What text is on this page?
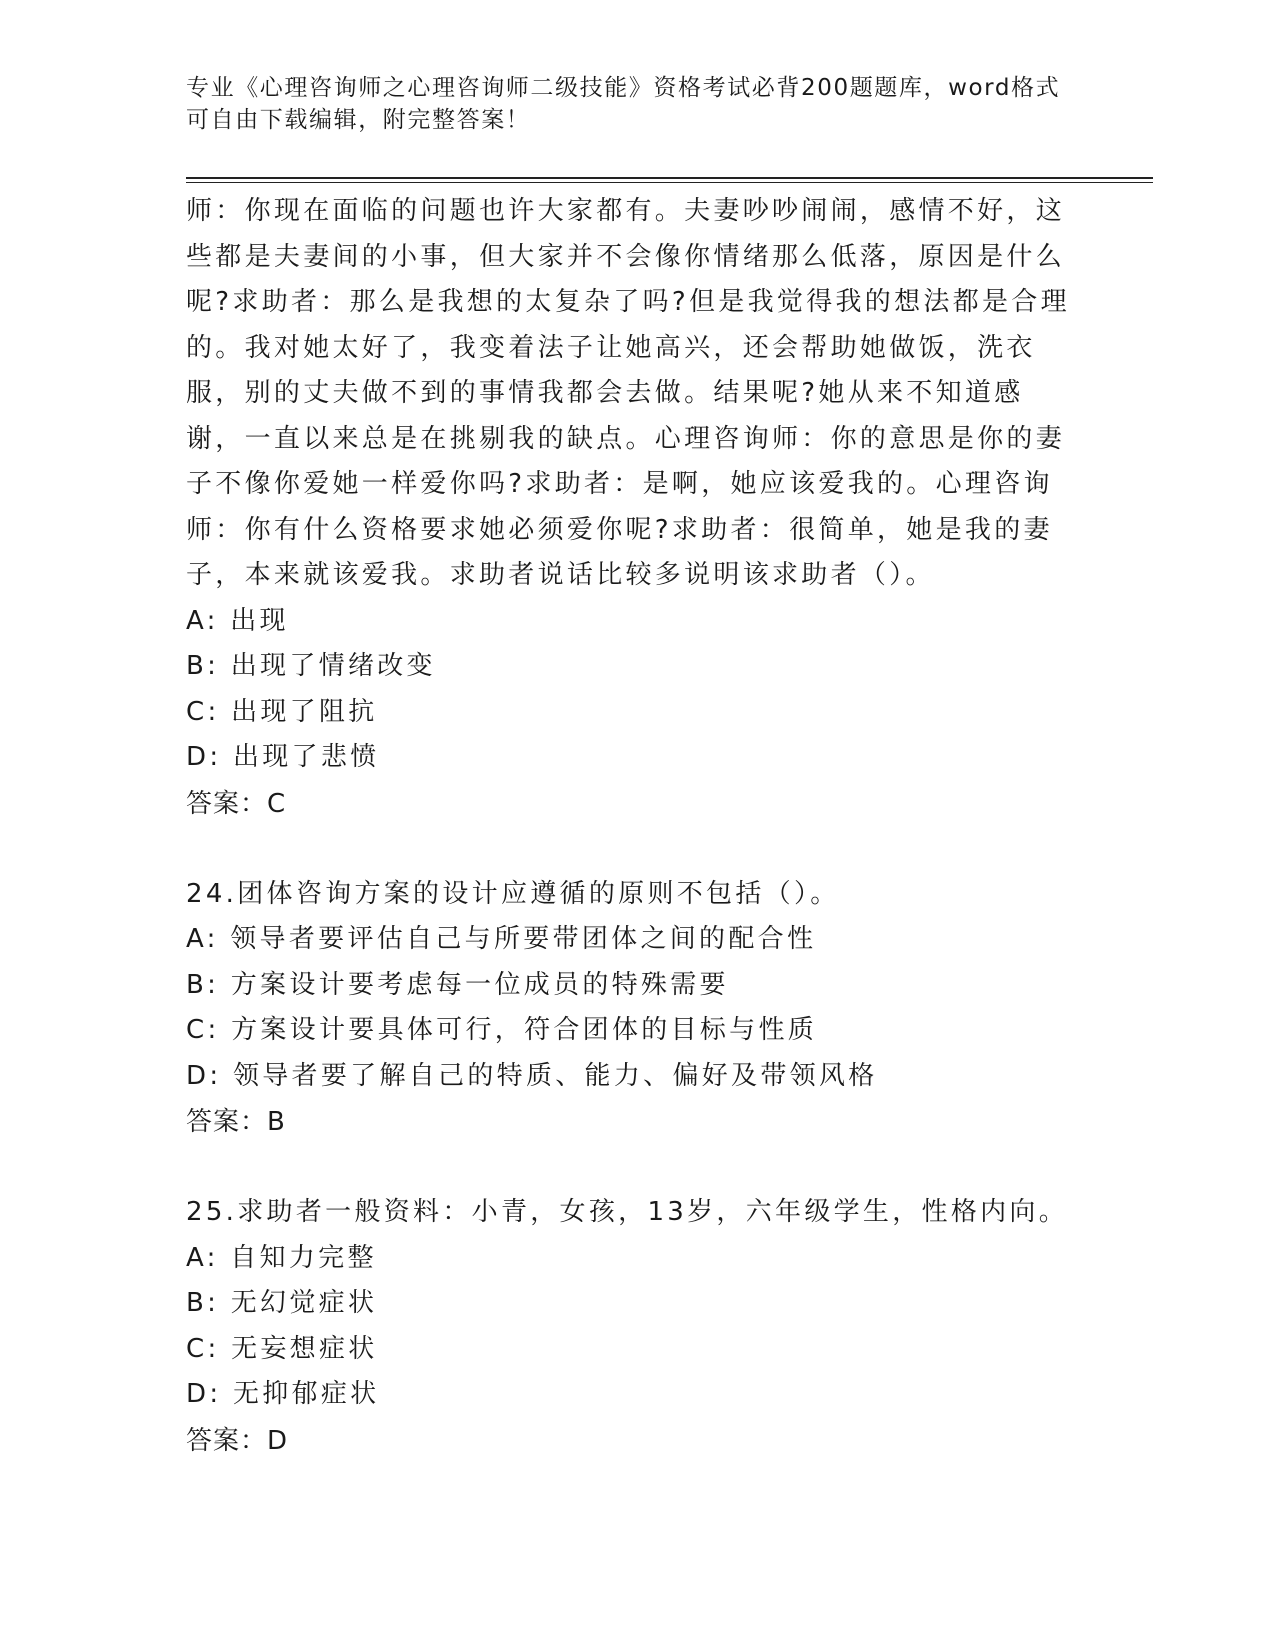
专业《心理咨询师之心理咨询师二级技能》资格考试必背200题题库，word格式
可自由下载编辑，附完整答案！

师：你现在面临的问题也许大家都有。夫妻吵吵闹闹，感情不好，这些都是夫妻间的小事，但大家并不会像你情绪那么低落，原因是什么呢?求助者：那么是我想的太复杂了吗?但是我觉得我的想法都是合理的。我对她太好了，我变着法子让她高兴，还会帮助她做饭，洗衣服，别的丈夫做不到的事情我都会去做。结果呢?她从来不知道感谢，一直以来总是在挑剔我的缺点。心理咨询师：你的意思是你的妻子不像你爱她一样爱你吗?求助者：是啊，她应该爱我的。心理咨询师：你有什么资格要求她必须爱你呢?求助者：很简单，她是我的妻子，本来就该爱我。求助者说话比较多说明该求助者（）。

A: 出现

B: 出现了情绪改变

C: 出现了阻抗

D: 出现了悲愤

答案：C

24.团体咨询方案的设计应遵循的原则不包括（）。

A: 领导者要评估自己与所要带团体之间的配合性

B: 方案设计要考虑每一位成员的特殊需要

C: 方案设计要具体可行，符合团体的目标与性质

D: 领导者要了解自己的特质、能力、偏好及带领风格

答案：B

25.求助者一般资料：小青，女孩，13岁，六年级学生，性格内向。

A: 自知力完整

B: 无幻觉症状

C: 无妄想症状

D: 无抑郁症状

答案：D
